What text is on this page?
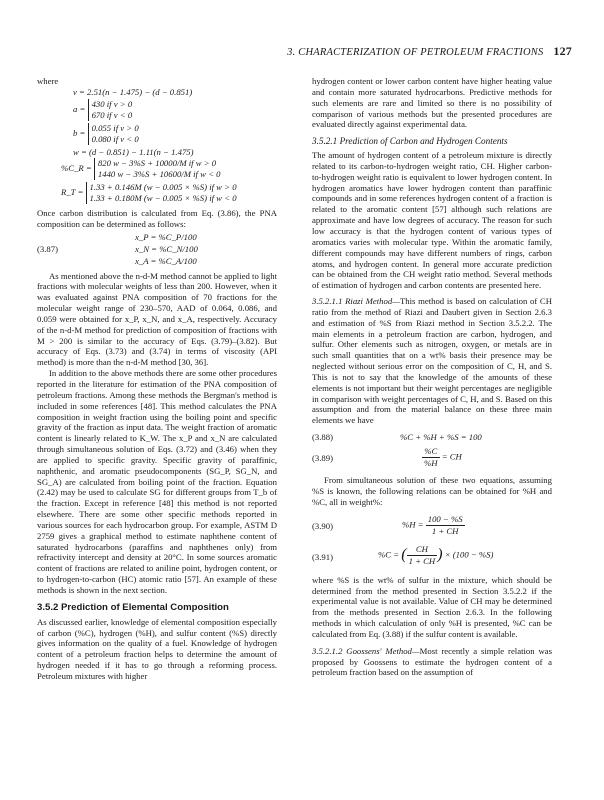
3. CHARACTERIZATION OF PETROLEUM FRACTIONS 127
where
v = 2.51(n − 1.475) − (d − 0.851)
a = 430 if v > 0
670 if v < 0
b = 0.055 if v > 0
0.080 if v < 0
w = (d − 0.851) − 1.11(n − 1.475)
%C_R = 820 w − 3%S + 10000/M if w > 0
1440 w − 3%S + 10600/M if w < 0
R_T = 1.33 + 0.146M (w − 0.005 × %S) if w > 0
1.33 + 0.180M (w − 0.005 × %S) if w < 0

Once carbon distribution is calculated from Eq. (3.86), the PNA composition can be determined as follows:

(3.87)
x_P = %C_P/100
x_N = %C_N/100
x_A = %C_A/100

As mentioned above the n-d-M method cannot be applied to light fractions with molecular weights of less than 200. However, when it was evaluated against PNA composition of 70 fractions for the molecular weight range of 230–570, AAD of 0.064, 0.086, and 0.059 were obtained for x_P, x_N, and x_A, respectively. Accuracy of the n-d-M method for prediction of composition of fractions with M > 200 is similar to the accuracy of Eqs. (3.79)–(3.82). But accuracy of Eqs. (3.73) and (3.74) in terms of viscosity (API method) is more than the n-d-M method [30, 36].

In addition to the above methods there are some other procedures reported in the literature for estimation of the PNA composition of petroleum fractions. Among these methods the Bergman's method is included in some references [48]. This method calculates the PNA composition in weight fraction using the boiling point and specific gravity of the fraction as input data. The weight fraction of aromatic content is linearly related to K_W. The x_P and x_N are calculated through simultaneous solution of Eqs. (3.72) and (3.46) when they are applied to specific gravity. Specific gravity of paraffinic, naphthenic, and aromatic pseudocomponents (SG_P, SG_N, and SG_A) are calculated from boiling point of the fraction. Equation (2.42) may be used to calculate SG for different groups from T_b of the fraction. Except in reference [48] this method is not reported elsewhere. There are some other specific methods reported in various sources for each hydrocarbon group. For example, ASTM D 2759 gives a graphical method to estimate naphthene content of saturated hydrocarbons (paraffins and naphthenes only) from refractivity intercept and density at 20°C. In some sources aromatic content of fractions are related to aniline point, hydrogen content, or to hydrogen-to-carbon (HC) atomic ratio [57]. An example of these methods is shown in the next section.

3.5.2 Prediction of Elemental Composition

As discussed earlier, knowledge of elemental composition especially of carbon (%C), hydrogen (%H), and sulfur content (%S) directly gives information on the quality of a fuel. Knowledge of hydrogen content of a petroleum fraction helps to determine the amount of hydrogen needed if it has to go through a reforming process. Petroleum mixtures with higher

hydrogen content or lower carbon content have higher heating value and contain more saturated hydrocarbons. Predictive methods for such elements are rare and limited so there is no possibility of comparison of various methods but the presented procedures are evaluated directly against experimental data.

3.5.2.1 Prediction of Carbon and Hydrogen Contents

The amount of hydrogen content of a petroleum mixture is directly related to its carbon-to-hydrogen weight ratio, CH. Higher carbon-to-hydrogen weight ratio is equivalent to lower hydrogen content. In hydrogen aromatics have lower hydrogen content than paraffinic compounds and in some references hydrogen content of a fraction is related to the aromatic content [57] although such relations are approximate and have low degrees of accuracy. The reason for such low accuracy is that the hydrogen content of various types of aromatics varies with molecular type. Within the aromatic family, different compounds may have different numbers of rings, carbon atoms, and hydrogen content. In general more accurate prediction can be obtained from the CH weight ratio method. Several methods of estimation of hydrogen and carbon contents are presented here.

3.5.2.1.1 Riazi Method—This method is based on calculation of CH ratio from the method of Riazi and Daubert given in Section 2.6.3 and estimation of %S from Riazi method in Section 3.5.2.2. The main elements in a petroleum fraction are carbon, hydrogen, and sulfur. Other elements such as nitrogen, oxygen, or metals are in such small quantities that on a wt% basis their presence may be neglected without serious error on the composition of C, H, and S. This is not to say that the knowledge of the amounts of these elements is not important but their weight percentages are negligible in comparison with weight percentages of C, H, and S. Based on this assumption and from the material balance on these three main elements we have

(3.88)	%C + %H + %S = 100
(3.89)	$\frac{\%C}{\%H}$ = CH

From simultaneous solution of these two equations, assuming %S is known, the following relations can be obtained for %H and %C, all in weight%:

(3.90)	$\%H = \frac{100 - \%S}{1 + CH}$
(3.91)	%C = ( $\frac{CH}{1 + CH}$ ) × (100 − %S)

where %S is the wt% of sulfur in the mixture, which should be determined from the method presented in Section 3.5.2.2 if the experimental value is not available. Value of CH may be determined from the methods presented in Section 2.6.3. In the following methods in which calculation of only %H is presented, %C can be calculated from Eq. (3.88) if the sulfur content is available.

3.5.2.1.2 Goossens' Method—Most recently a simple relation was proposed by Goossens to estimate the hydrogen content of a petroleum fraction based on the assumption of
